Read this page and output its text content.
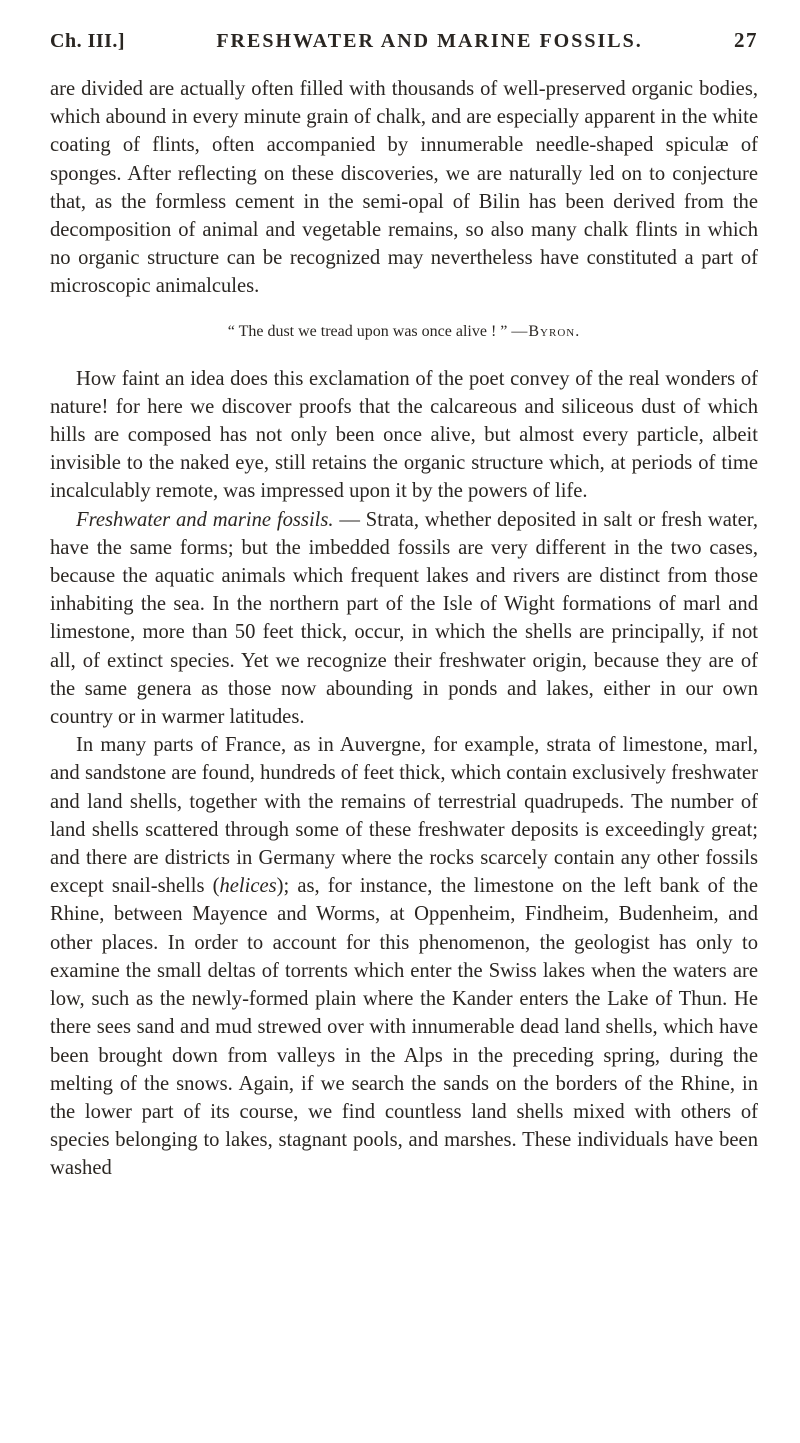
Ch. III.]	FRESHWATER AND MARINE FOSSILS.	27

are divided are actually often filled with thousands of well-preserved organic bodies, which abound in every minute grain of chalk, and are especially apparent in the white coating of flints, often accompanied by innumerable needle-shaped spiculæ of sponges. After reflecting on these discoveries, we are naturally led on to conjecture that, as the formless cement in the semi-opal of Bilin has been derived from the decomposition of animal and vegetable remains, so also many chalk flints in which no organic structure can be recognized may nevertheless have constituted a part of microscopic animalcules.

“ The dust we tread upon was once alive ! ” —Byron.

How faint an idea does this exclamation of the poet convey of the real wonders of nature! for here we discover proofs that the calcareous and siliceous dust of which hills are composed has not only been once alive, but almost every particle, albeit invisible to the naked eye, still retains the organic structure which, at periods of time incalculably remote, was impressed upon it by the powers of life.

Freshwater and marine fossils. — Strata, whether deposited in salt or fresh water, have the same forms; but the imbedded fossils are very different in the two cases, because the aquatic animals which frequent lakes and rivers are distinct from those inhabiting the sea. In the northern part of the Isle of Wight formations of marl and limestone, more than 50 feet thick, occur, in which the shells are principally, if not all, of extinct species. Yet we recognize their freshwater origin, because they are of the same genera as those now abounding in ponds and lakes, either in our own country or in warmer latitudes.

In many parts of France, as in Auvergne, for example, strata of limestone, marl, and sandstone are found, hundreds of feet thick, which contain exclusively freshwater and land shells, together with the remains of terrestrial quadrupeds. The number of land shells scattered through some of these freshwater deposits is exceedingly great; and there are districts in Germany where the rocks scarcely contain any other fossils except snail-shells (helices); as, for instance, the limestone on the left bank of the Rhine, between Mayence and Worms, at Oppenheim, Findheim, Budenheim, and other places. In order to account for this phenomenon, the geologist has only to examine the small deltas of torrents which enter the Swiss lakes when the waters are low, such as the newly-formed plain where the Kander enters the Lake of Thun. He there sees sand and mud strewed over with innumerable dead land shells, which have been brought down from valleys in the Alps in the preceding spring, during the melting of the snows. Again, if we search the sands on the borders of the Rhine, in the lower part of its course, we find countless land shells mixed with others of species belonging to lakes, stagnant pools, and marshes. These individuals have been washed
